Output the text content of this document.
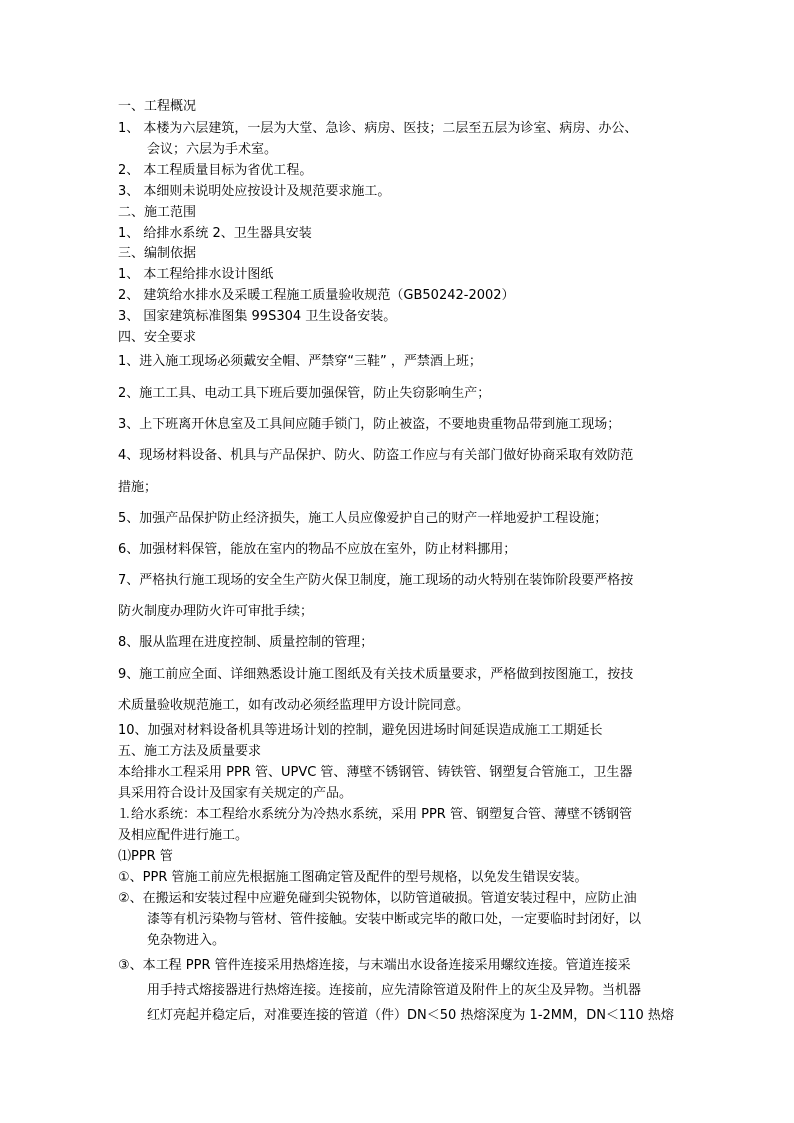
一、工程概况
1、 本楼为六层建筑，一层为大堂、急诊、病房、医技；二层至五层为诊室、病房、办公、
会议；六层为手术室。
2、 本工程质量目标为省优工程。
3、 本细则未说明处应按设计及规范要求施工。
二、施工范围
1、 给排水系统 2、卫生器具安装
三、编制依据
1、 本工程给排水设计图纸
2、 建筑给水排水及采暖工程施工质量验收规范（GB50242-2002）
3、 国家建筑标准图集 99S304 卫生设备安装。
四、安全要求
1、进入施工现场必须戴安全帽、严禁穿“三鞋” ，严禁酒上班；
2、施工工具、电动工具下班后要加强保管，防止失窃影响生产；
3、上下班离开休息室及工具间应随手锁门，防止被盗，不要地贵重物品带到施工现场；
4、现场材料设备、机具与产品保护、防火、防盗工作应与有关部门做好协商采取有效防范
措施；
5、加强产品保护防止经济损失，施工人员应像爱护自己的财产一样地爱护工程设施；
6、加强材料保管，能放在室内的物品不应放在室外，防止材料挪用；
7、严格执行施工现场的安全生产防火保卫制度，施工现场的动火特别在装饰阶段要严格按
防火制度办理防火许可审批手续；
8、服从监理在进度控制、质量控制的管理；
9、施工前应全面、详细熟悉设计施工图纸及有关技术质量要求，严格做到按图施工，按技
术质量验收规范施工，如有改动必须经监理甲方设计院同意。
10、加强对材料设备机具等进场计划的控制，避免因进场时间延误造成施工工期延长
五、施工方法及质量要求
本给排水工程采用 PPR 管、UPVC 管、薄壁不锈钢管、铸铁管、钢塑复合管施工，卫生器
具采用符合设计及国家有关规定的产品。
⒈给水系统：本工程给水系统分为冷热水系统，采用 PPR 管、钢塑复合管、薄壁不锈钢管
及相应配件进行施工。
⑴PPR 管
①、PPR 管施工前应先根据施工图确定管及配件的型号规格，以免发生错误安装。
②、在搬运和安装过程中应避免碰到尖锐物体，以防管道破损。管道安装过程中，应防止油
漆等有机污染物与管材、管件接触。安装中断或完毕的敞口处，一定要临时封闭好，以
免杂物进入。
③、本工程 PPR 管件连接采用热熔连接，与末端出水设备连接采用螺纹连接。管道连接采
用手持式熔接器进行热熔连接。连接前，应先清除管道及附件上的灰尘及异物。当机器
红灯亮起并稳定后，对准要连接的管道（件）DN＜50 热熔深度为 1-2MM，DN＜110 热熔
